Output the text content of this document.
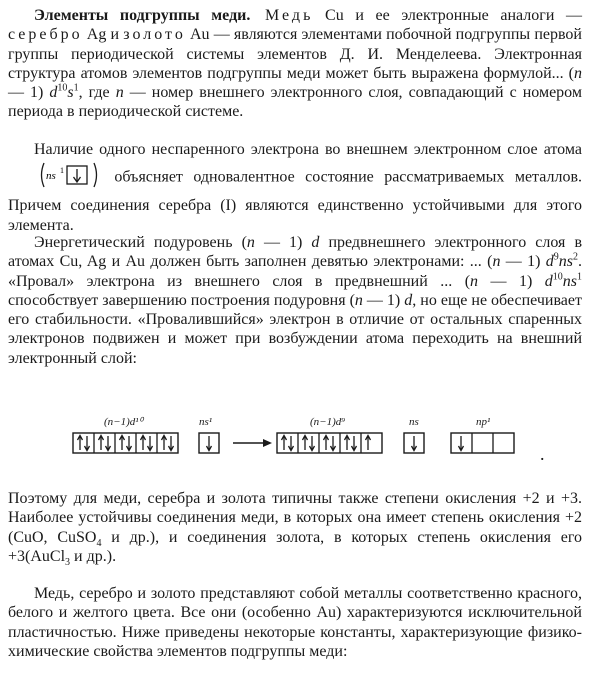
Элементы подгруппы меди. Медь Cu и ее электронные аналоги — серебро Ag и золото Au — являются элементами побочной подгруппы первой группы периодической системы элементов Д. И. Менделеева. Электронная структура атомов элементов подгруппы меди может быть выражена формулой... (n — 1) $d^{10}s^1$, где n — номер внешнего электронного слоя, совпадающий с номером периода в периодической системе.

Наличие одного неспаренного электрона во внешнем электронном слое атома
ns 1	объясняет одновалентное состояние рассматриваемых металлов. Причем соединения серебра (I) являются единственно устойчивыми для этого элемента.

Энергетический подуровень (n — 1) d предвнешнего электронного слоя в атомах Cu, Ag и Au должен быть заполнен девятью электронами: ... (n — 1) $d^9ns^2$. «Провал» электрона из внешнего слоя в предвнешний ... (n — 1) $d^{10}ns^1$ способствует завершению построения подуровня (n — 1) d, но еще не обеспечивает его стабильности. «Провалившийся» электрон в отличие от остальных спаренных электронов подвижен и может при возбуждении атома переходить на внешний электронный слой:

(n−1)d¹⁰	ns¹	(n−1)d⁹	ns	np¹
.

Поэтому для меди, серебра и золота типичны также степени окисления +2 и +3. Наиболее устойчивы соединения меди, в которых она имеет степень окисления +2 (CuO, CuSO$_4$ и др.), и соединения золота, в которых степень окисления его +3(AuCl$_3$ и др.).

Медь, серебро и золото представляют собой металлы соответственно красного, белого и желтого цвета. Все они (особенно Au) характеризуются исключительной пластичностью. Ниже приведены некоторые константы, характеризующие физико-химические свойства элементов подгруппы меди:
